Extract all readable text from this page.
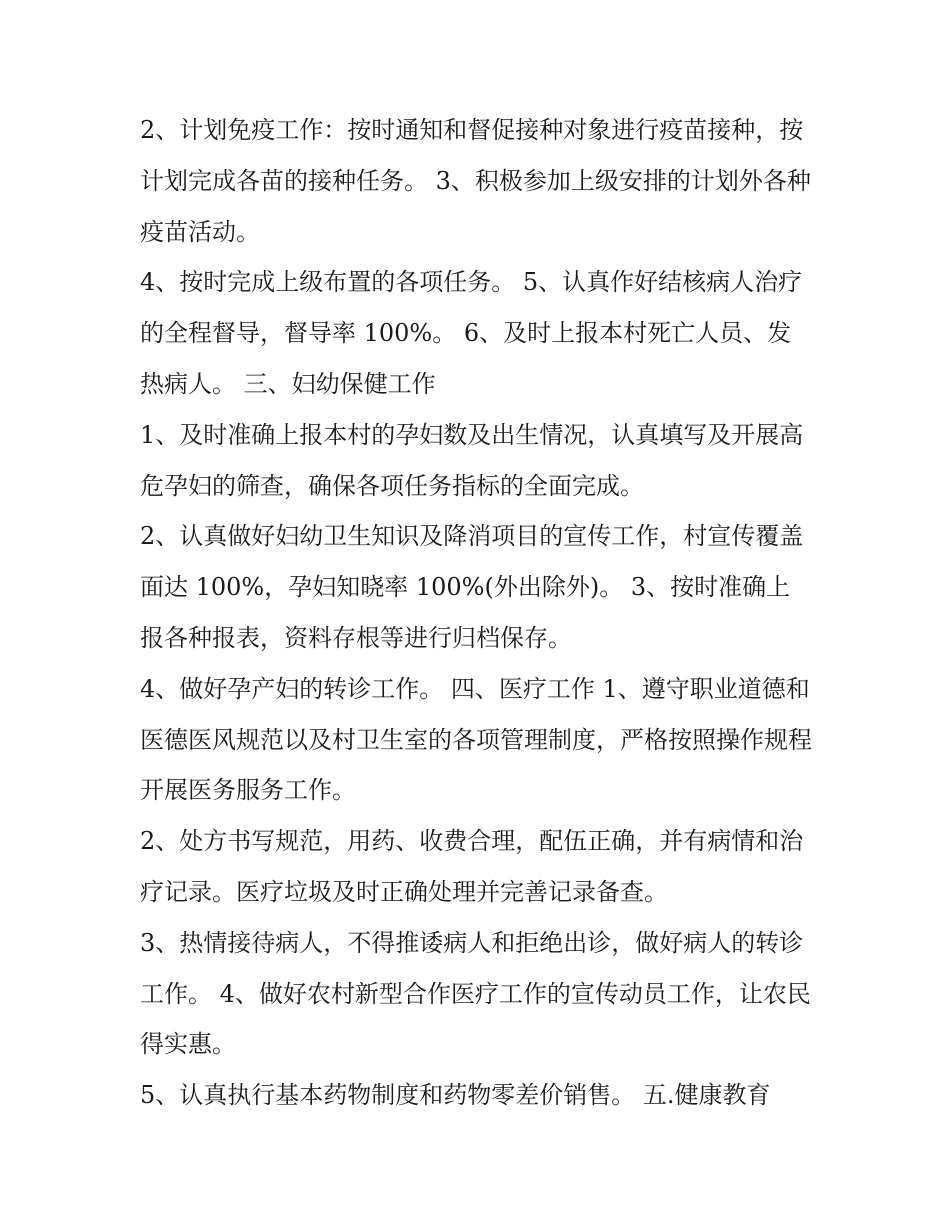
2、计划免疫工作：按时通知和督促接种对象进行疫苗接种，按计划完成各苗的接种任务。 3、积极参加上级安排的计划外各种疫苗活动。

4、按时完成上级布置的各项任务。 5、认真作好结核病人治疗的全程督导，督导率 100%。 6、及时上报本村死亡人员、发热病人。 三、妇幼保健工作

1、及时准确上报本村的孕妇数及出生情况，认真填写及开展高危孕妇的筛查，确保各项任务指标的全面完成。

2、认真做好妇幼卫生知识及降消项目的宣传工作，村宣传覆盖面达 100%，孕妇知晓率 100%(外出除外)。 3、按时准确上报各种报表，资料存根等进行归档保存。

4、做好孕产妇的转诊工作。 四、医疗工作 1、遵守职业道德和医德医风规范以及村卫生室的各项管理制度，严格按照操作规程开展医务服务工作。

2、处方书写规范，用药、收费合理，配伍正确，并有病情和治疗记录。医疗垃圾及时正确处理并完善记录备查。

3、热情接待病人，不得推诿病人和拒绝出诊，做好病人的转诊工作。 4、做好农村新型合作医疗工作的宣传动员工作，让农民得实惠。

5、认真执行基本药物制度和药物零差价销售。 五.健康教育
